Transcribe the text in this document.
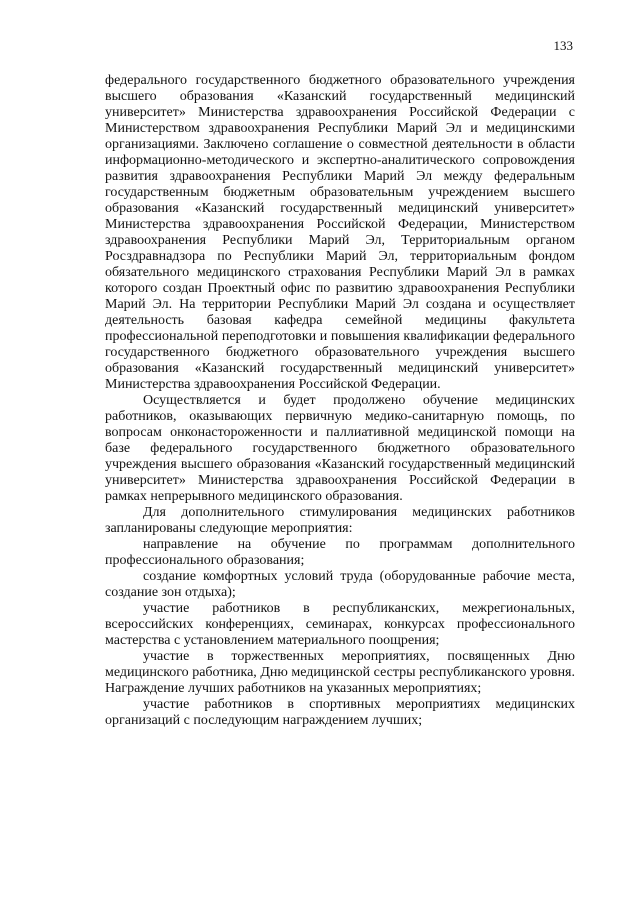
133

федерального государственного бюджетного образовательного учреждения высшего образования «Казанский государственный медицинский университет» Министерства здравоохранения Российской Федерации с Министерством здравоохранения Республики Марий Эл и медицинскими организациями. Заключено соглашение о совместной деятельности в области информационно-методического и экспертно-аналитического сопровождения развития здравоохранения Республики Марий Эл между федеральным государственным бюджетным образовательным учреждением высшего образования «Казанский государственный медицинский университет» Министерства здравоохранения Российской Федерации, Министерством здравоохранения Республики Марий Эл, Территориальным органом Росздравнадзора по Республики Марий Эл, территориальным фондом обязательного медицинского страхования Республики Марий Эл в рамках которого создан Проектный офис по развитию здравоохранения Республики Марий Эл. На территории Республики Марий Эл создана и осуществляет деятельность базовая кафедра семейной медицины факультета профессиональной переподготовки и повышения квалификации федерального государственного бюджетного образовательного учреждения высшего образования «Казанский государственный медицинский университет» Министерства здравоохранения Российской Федерации.

Осуществляется и будет продолжено обучение медицинских работников, оказывающих первичную медико-санитарную помощь, по вопросам онконастороженности и паллиативной медицинской помощи на базе федерального государственного бюджетного образовательного учреждения высшего образования «Казанский государственный медицинский университет» Министерства здравоохранения Российской Федерации в рамках непрерывного медицинского образования.

Для дополнительного стимулирования медицинских работников запланированы следующие мероприятия:

направление на обучение по программам дополнительного профессионального образования;

создание комфортных условий труда (оборудованные рабочие места, создание зон отдыха);

участие работников в республиканских, межрегиональных, всероссийских конференциях, семинарах, конкурсах профессионального мастерства с установлением материального поощрения;

участие в торжественных мероприятиях, посвященных Дню медицинского работника, Дню медицинской сестры республиканского уровня. Награждение лучших работников на указанных мероприятиях;

участие работников в спортивных мероприятиях медицинских организаций с последующим награждением лучших;
